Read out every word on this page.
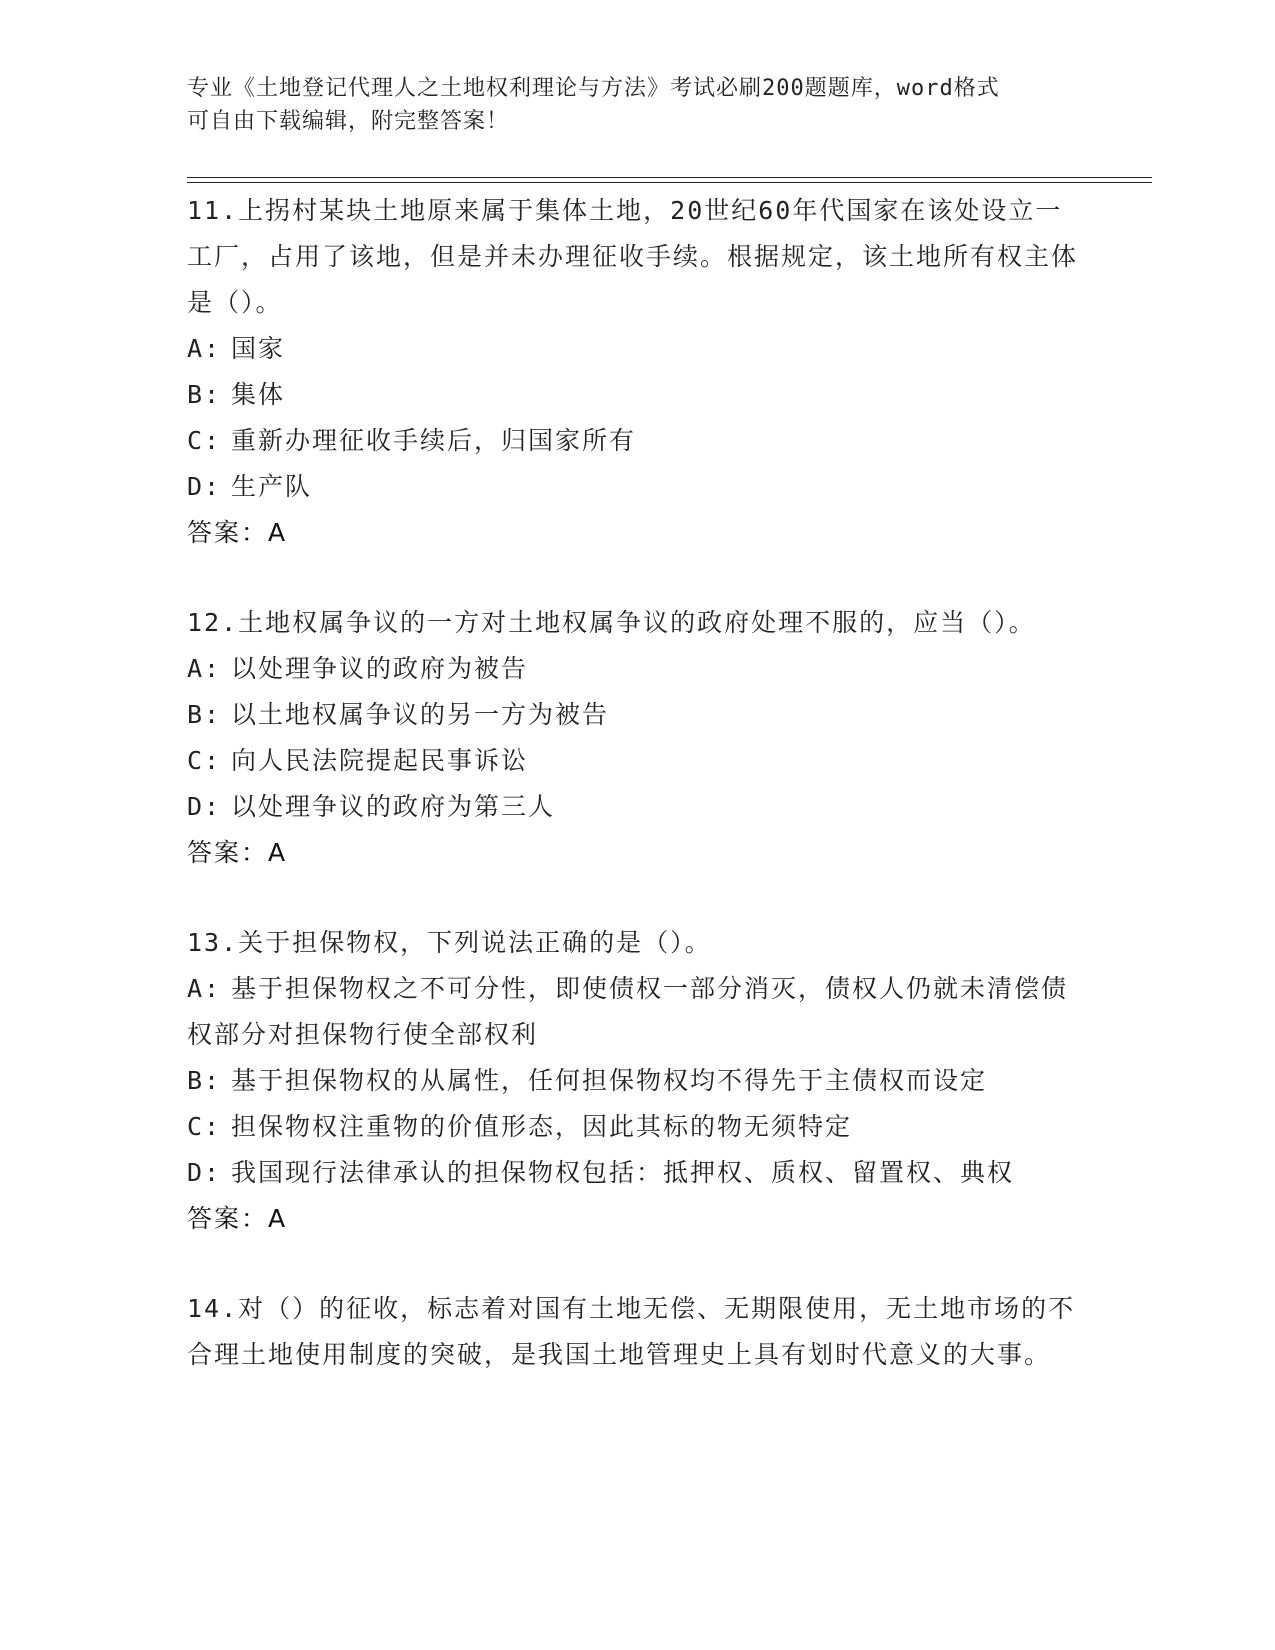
专业《土地登记代理人之土地权利理论与方法》考试必刷200题题库，word格式
可自由下载编辑，附完整答案！
11.上拐村某块土地原来属于集体土地，20世纪60年代国家在该处设立一工厂，占用了该地，但是并未办理征收手续。根据规定，该土地所有权主体是（）。
A: 国家
B: 集体
C: 重新办理征收手续后，归国家所有
D: 生产队
答案：A
12.土地权属争议的一方对土地权属争议的政府处理不服的，应当（）。
A: 以处理争议的政府为被告
B: 以土地权属争议的另一方为被告
C: 向人民法院提起民事诉讼
D: 以处理争议的政府为第三人
答案：A
13.关于担保物权，下列说法正确的是（）。
A: 基于担保物权之不可分性，即使债权一部分消灭，债权人仍就未清偿债权部分对担保物行使全部权利
B: 基于担保物权的从属性，任何担保物权均不得先于主债权而设定
C: 担保物权注重物的价值形态，因此其标的物无须特定
D: 我国现行法律承认的担保物权包括：抵押权、质权、留置权、典权
答案：A
14.对（）的征收，标志着对国有土地无偿、无期限使用，无土地市场的不合理土地使用制度的突破，是我国土地管理史上具有划时代意义的大事。
